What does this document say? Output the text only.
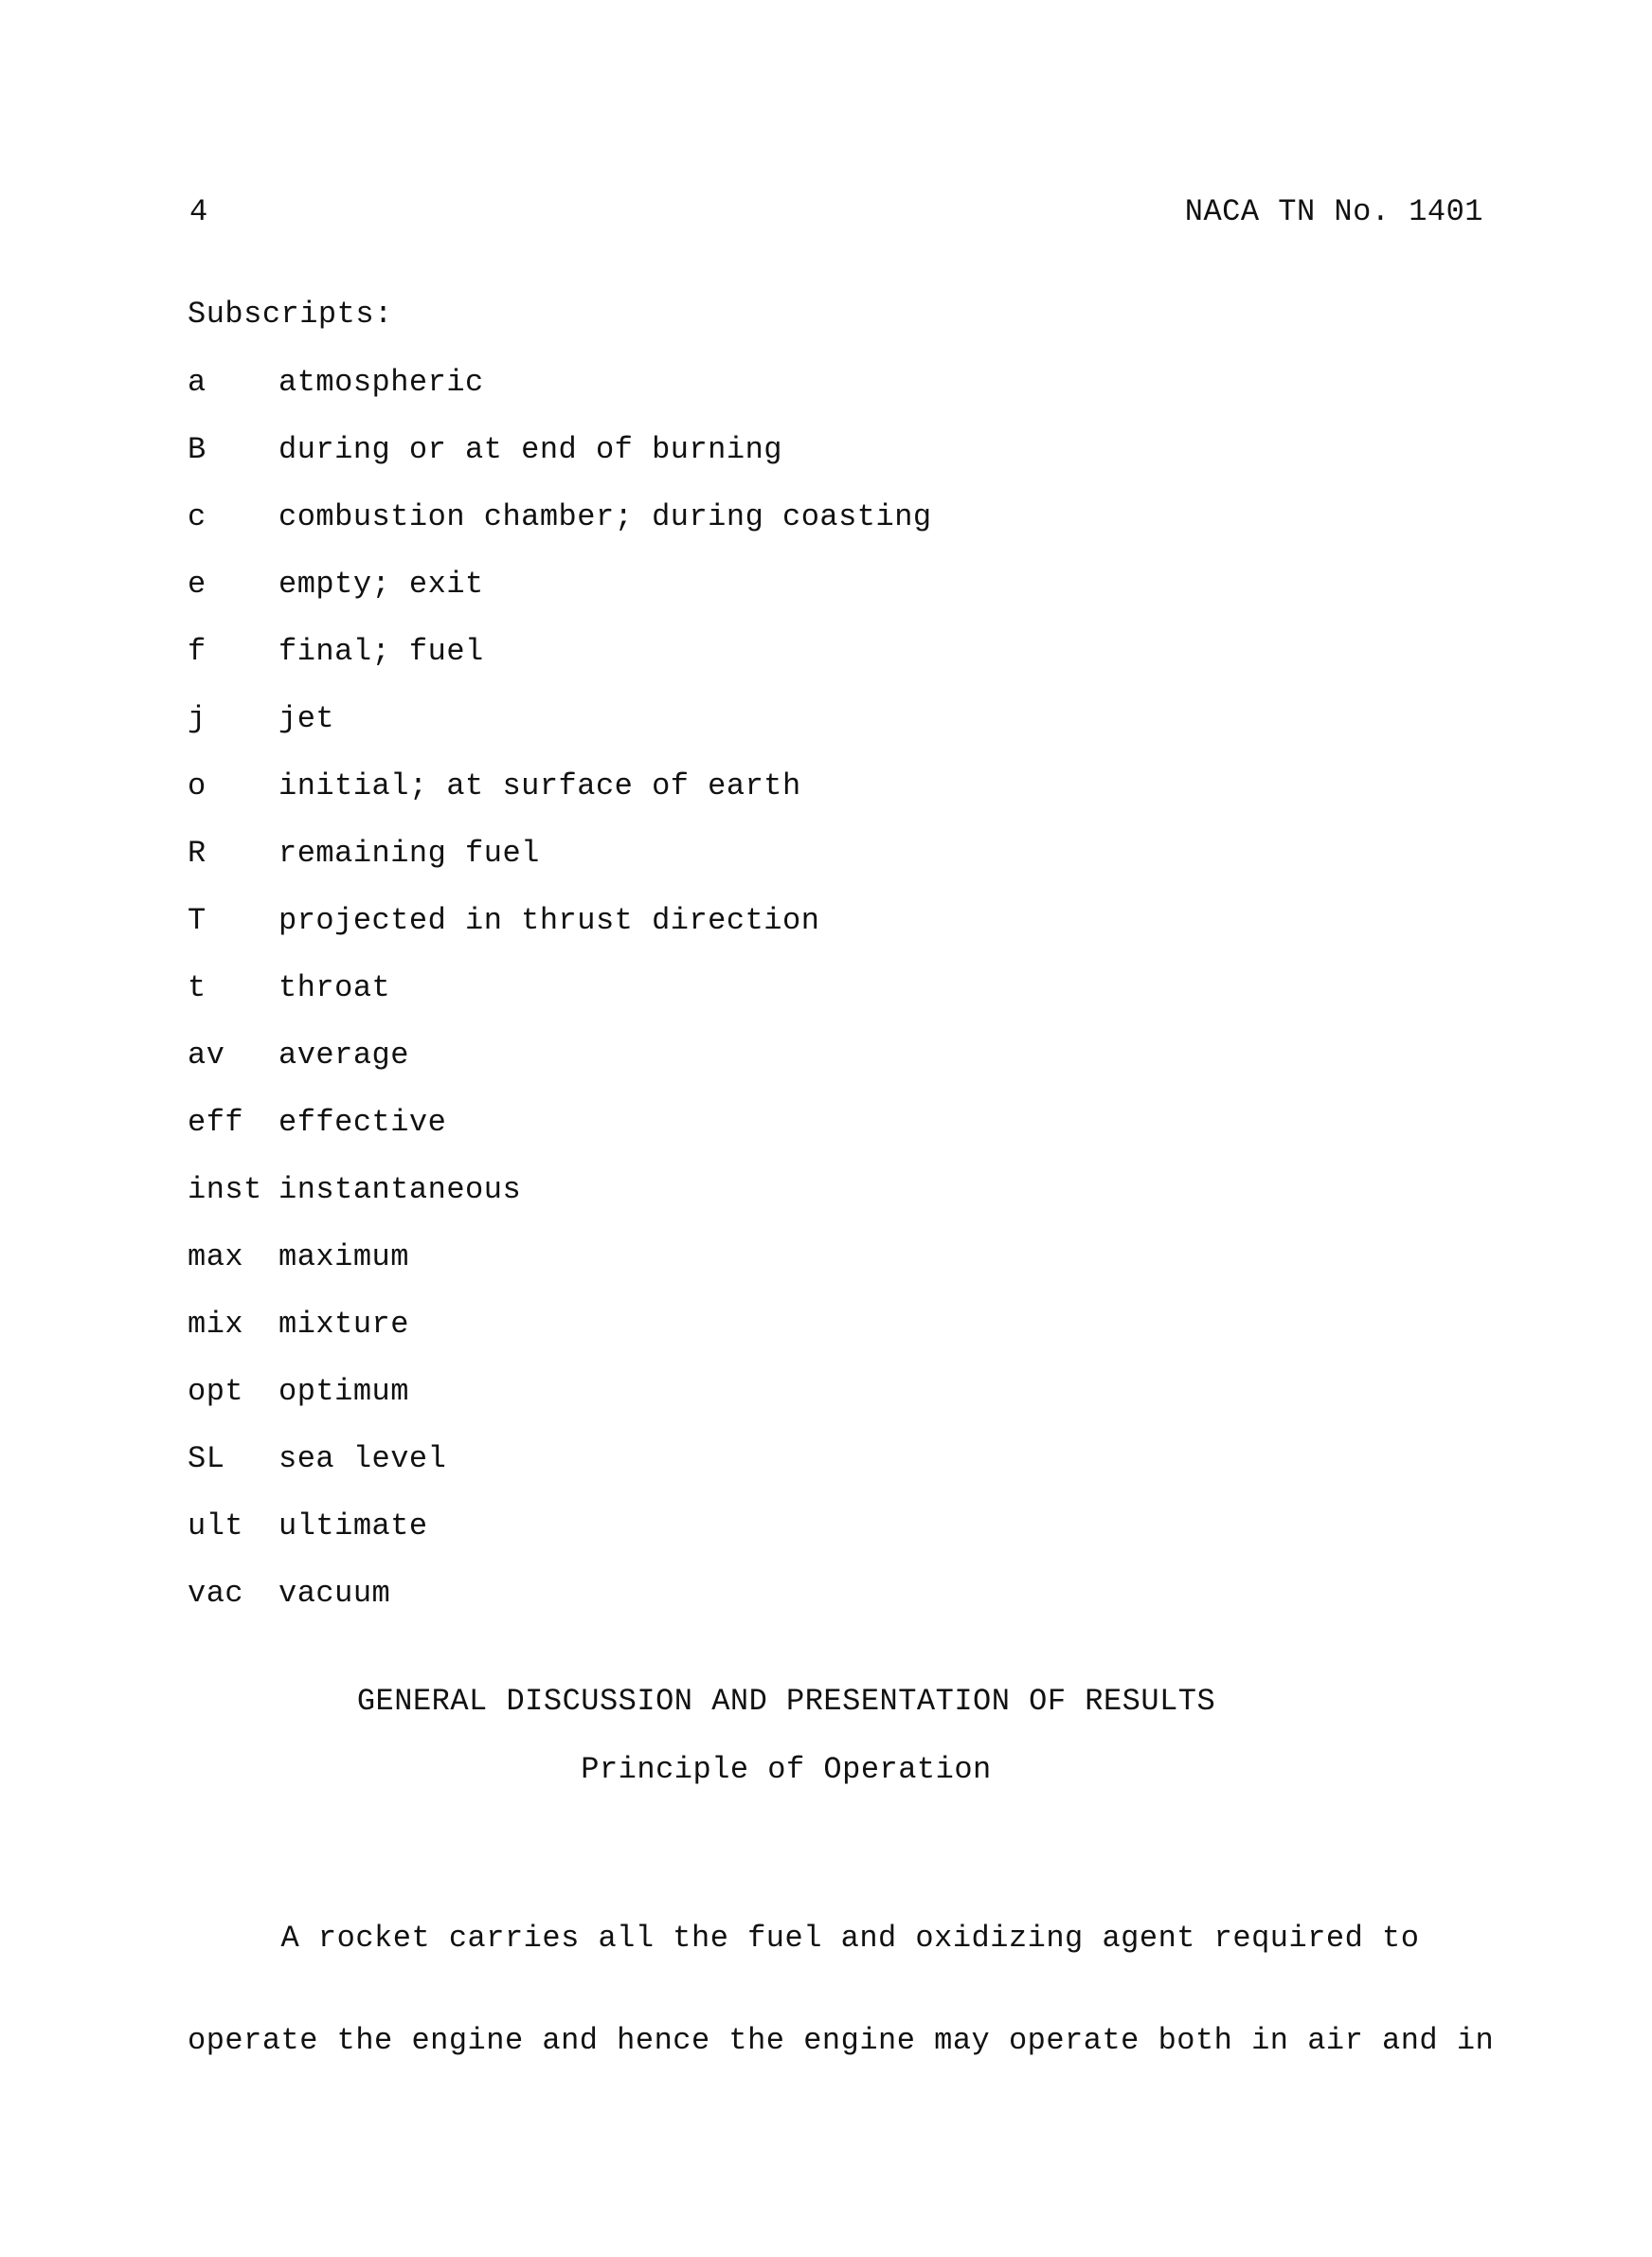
4	NACA TN No. 1401
Subscripts:
a	atmospheric
B	during or at end of burning
c	combustion chamber; during coasting
e	empty; exit
f	final; fuel
j	jet
o	initial; at surface of earth
R	remaining fuel
T	projected in thrust direction
t	throat
av	average
eff	effective
inst instantaneous
max	maximum
mix	mixture
opt	optimum
SL	sea level
ult	ultimate
vac	vacuum
GENERAL DISCUSSION AND PRESENTATION OF RESULTS
Principle of Operation

A rocket carries all the fuel and oxidizing agent required to

operate the engine and hence the engine may operate both in air and in
